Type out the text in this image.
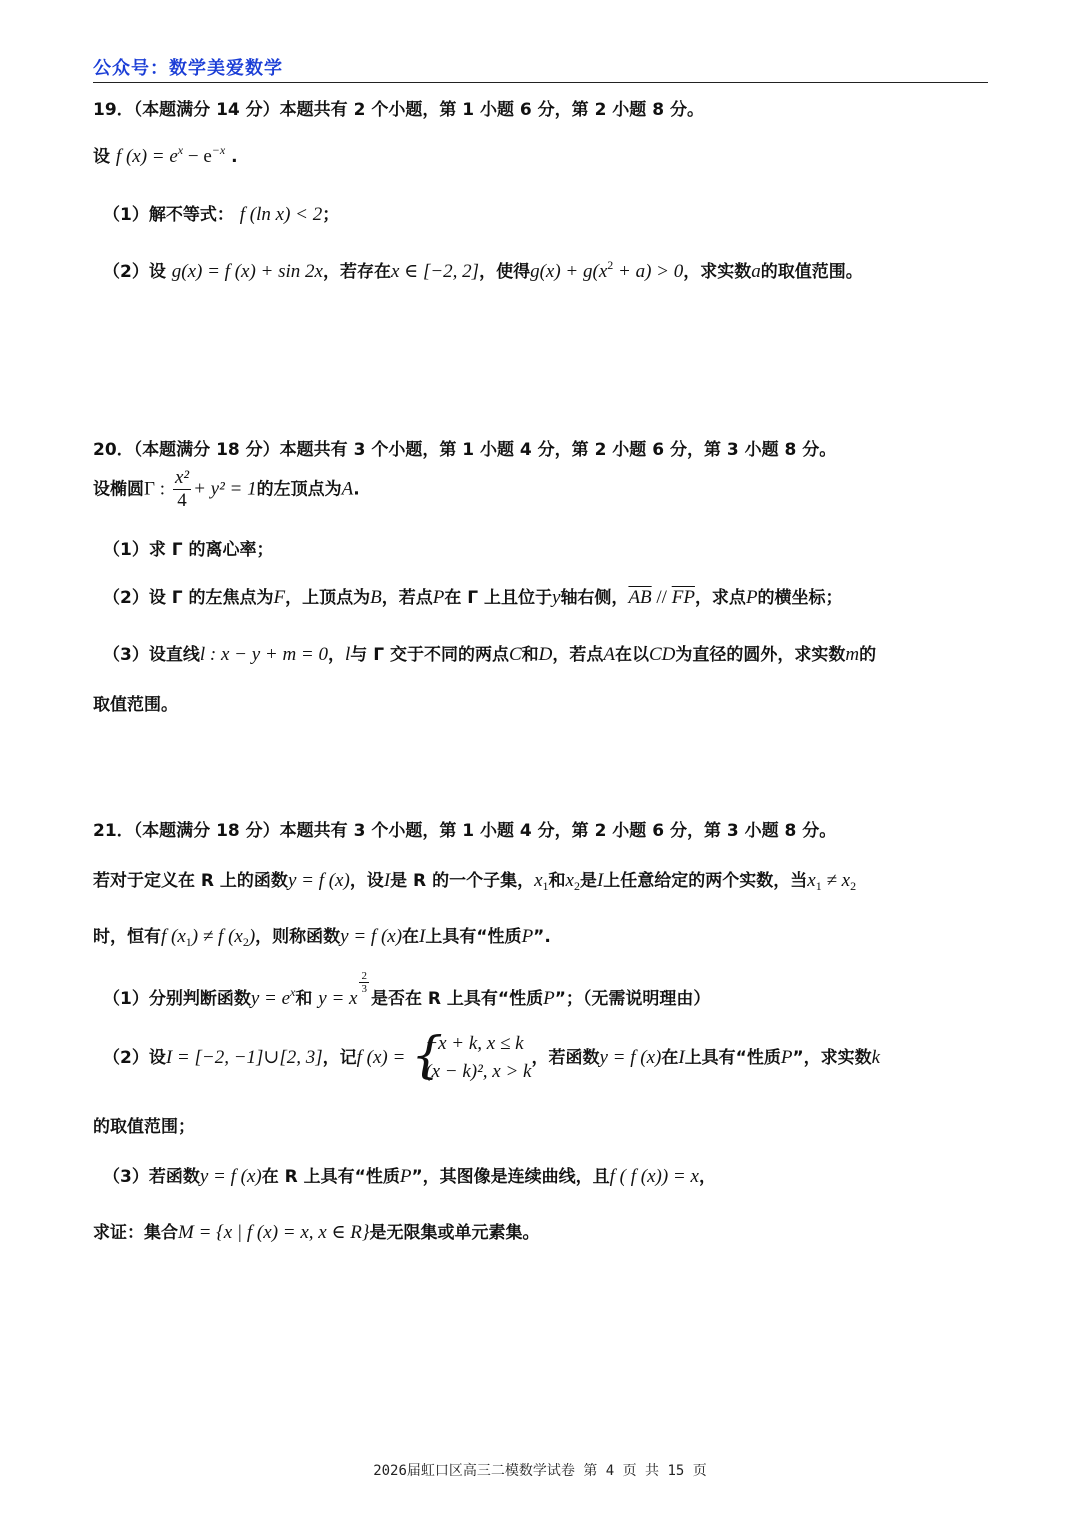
公众号：数学美爱数学
19．（本题满分 14 分）本题共有 2 个小题，第 1 小题 6 分，第 2 小题 8 分。
设 f $(x) = e^x - e^{-x}$ .
（1）解不等式： f (ln x) < 2；
（2）设 g(x) = f (x) + sin 2x，若存在x ∈ [−2, 2]，使得$g(x) + g(x^2 + a) > 0$，求实数a的取值范围。
20．（本题满分 18 分）本题共有 3 个小题，第 1 小题 4 分，第 2 小题 6 分，第 3 小题 8 分。
设椭圆Γ : $\frac{\text{x²}}{4} + y^2 = 1$的左顶点为A.
（1）求 Γ 的离心率；
（2）设 Γ 的左焦点为F，上顶点为B，若点P在 Γ 上且位于y轴右侧，$\overline{AB} // \overline{FP}$，求点P的横坐标；
（3）设直线l : x − y + m = 0，l与 Γ 交于不同的两点C和D，若点A在以CD为直径的圆外，求实数m的
取值范围。
21．（本题满分 18 分）本题共有 3 个小题，第 1 小题 4 分，第 2 小题 6 分，第 3 小题 8 分。
若对于定义在 R 上的函数y = f (x)，设I是 R 的一个子集，$x_1$和$x_2$是I上任意给定的两个实数，当$x_1 \ne x_2$
时，恒有f $(x_1) \ne f$ $(x_2)$，则称函数y = f (x)在I上具有“性质P”.
（1）分别判断函数$y = e^x$和 y = x
$\frac{2}{3}$
是否在 R 上具有“性质P”；（无需说明理由）
（2）设I = [−2, −1]∪[2, 3]，记f (x) = {
−x + k, x ≤ k
(x − k)², x > k
，若函数y = f (x)在I上具有“性质P”，求实数k
的取值范围；
（3）若函数y = f (x)在 R 上具有“性质P”，其图像是连续曲线，且f ( f (x)) = x，
求证：集合M = {x | f (x) = x, x ∈ R}是无限集或单元素集。
2026届虹口区高三二模数学试卷 第 4 页 共 15 页
